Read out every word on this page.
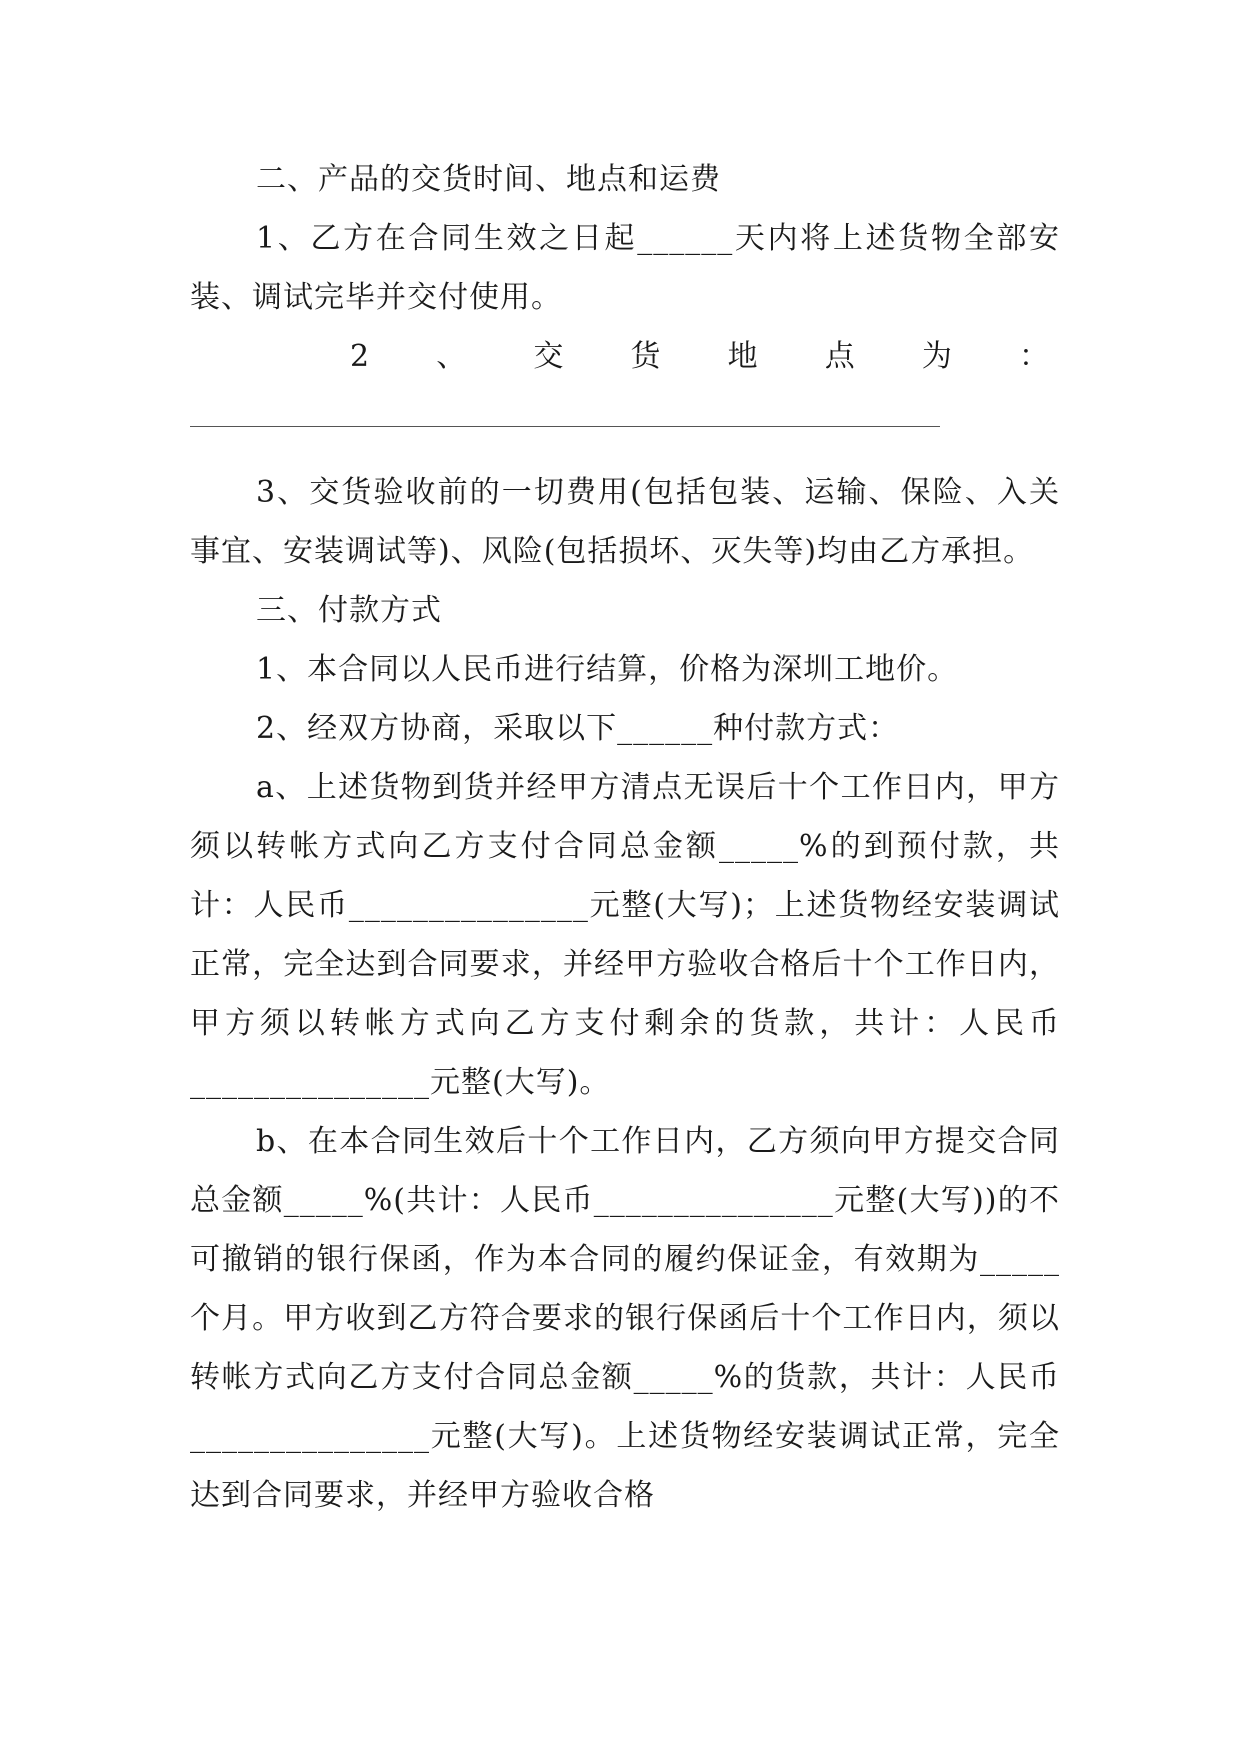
二、产品的交货时间、地点和运费

1、乙方在合同生效之日起______天内将上述货物全部安装、调试完毕并交付使用。

2 、 交 货 地 点 为 ：

3、交货验收前的一切费用(包括包装、运输、保险、入关事宜、安装调试等)、风险(包括损坏、灭失等)均由乙方承担。

三、付款方式

1、本合同以人民币进行结算，价格为深圳工地价。

2、经双方协商，采取以下______种付款方式：

a、上述货物到货并经甲方清点无误后十个工作日内，甲方须以转帐方式向乙方支付合同总金额_____%的到预付款，共计：人民币_______________元整(大写)；上述货物经安装调试正常，完全达到合同要求，并经甲方验收合格后十个工作日内，甲方须以转帐方式向乙方支付剩余的货款，共计：人民币_______________元整(大写)。

b、在本合同生效后十个工作日内，乙方须向甲方提交合同总金额_____%(共计：人民币_______________元整(大写))的不可撤销的银行保函，作为本合同的履约保证金，有效期为_____个月。甲方收到乙方符合要求的银行保函后十个工作日内，须以转帐方式向乙方支付合同总金额_____%的货款，共计：人民币_______________元整(大写)。上述货物经安装调试正常，完全达到合同要求，并经甲方验收合格
